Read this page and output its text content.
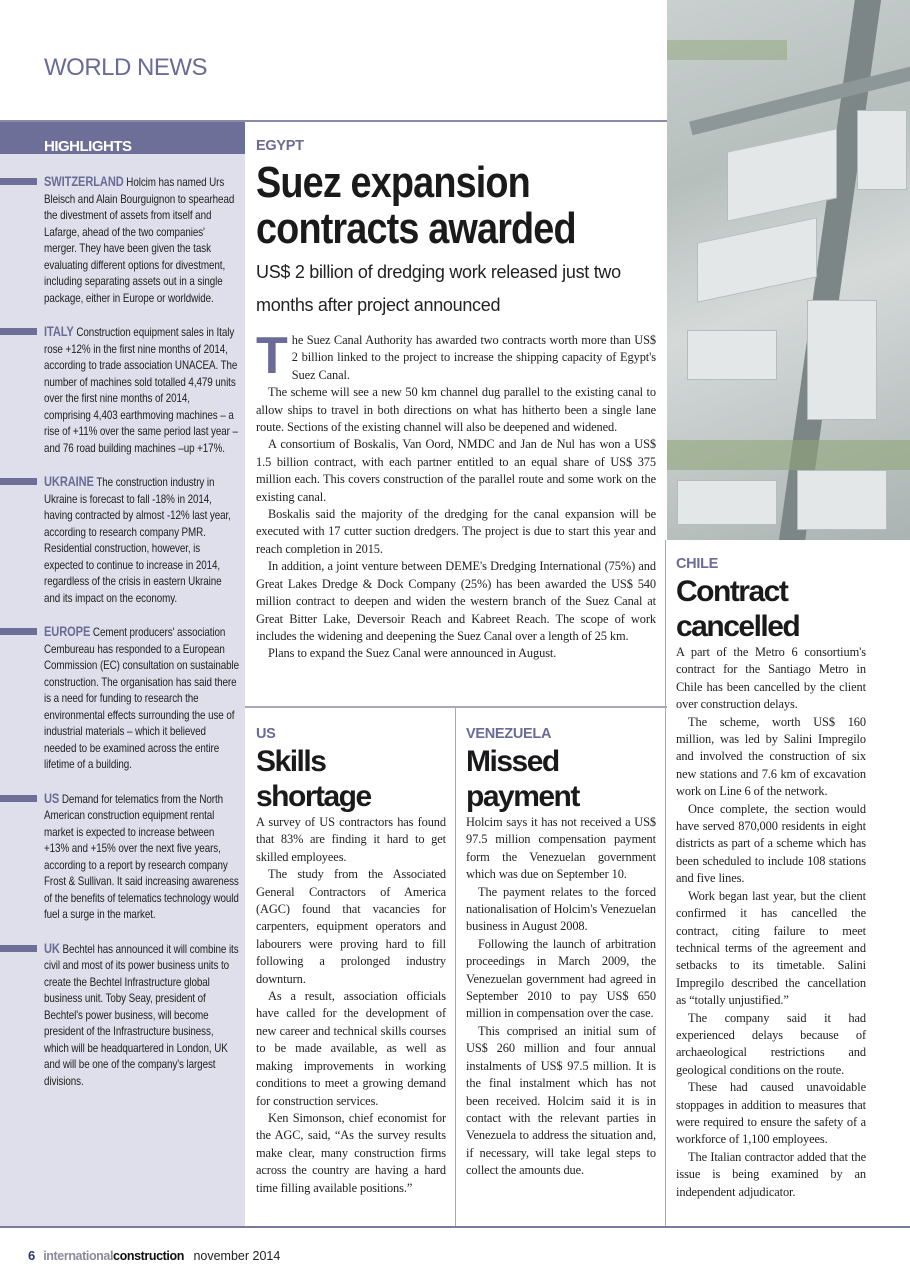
WORLD NEWS
HIGHLIGHTS
SWITZERLAND Holcim has named Urs Bleisch and Alain Bourguignon to spearhead the divestment of assets from itself and Lafarge, ahead of the two companies' merger. They have been given the task evaluating different options for divestment, including separating assets out in a single package, either in Europe or worldwide.
ITALY Construction equipment sales in Italy rose +12% in the first nine months of 2014, according to trade association UNACEA. The number of machines sold totalled 4,479 units over the first nine months of 2014, comprising 4,403 earthmoving machines – a rise of +11% over the same period last year – and 76 road building machines –up +17%.
UKRAINE The construction industry in Ukraine is forecast to fall -18% in 2014, having contracted by almost -12% last year, according to research company PMR. Residential construction, however, is expected to continue to increase in 2014, regardless of the crisis in eastern Ukraine and its impact on the economy.
EUROPE Cement producers' association Cembureau has responded to a European Commission (EC) consultation on sustainable construction. The organisation has said there is a need for funding to research the environmental effects surrounding the use of industrial materials – which it believed needed to be examined across the entire lifetime of a building.
US Demand for telematics from the North American construction equipment rental market is expected to increase between +13% and +15% over the next five years, according to a report by research company Frost & Sullivan. It said increasing awareness of the benefits of telematics technology would fuel a surge in the market.
UK Bechtel has announced it will combine its civil and most of its power business units to create the Bechtel Infrastructure global business unit. Toby Seay, president of Bechtel's power business, will become president of the Infrastructure business, which will be headquartered in London, UK and will be one of the company's largest divisions.
EGYPT
Suez expansion contracts awarded
US$ 2 billion of dredging work released just two months after project announced
T he Suez Canal Authority has awarded two contracts worth more than US$ 2 billion linked to the project to increase the shipping capacity of Egypt's Suez Canal.

The scheme will see a new 50 km channel dug parallel to the existing canal to allow ships to travel in both directions on what has hitherto been a single lane route. Sections of the existing channel will also be deepened and widened.

A consortium of Boskalis, Van Oord, NMDC and Jan de Nul has won a US$ 1.5 billion contract, with each partner entitled to an equal share of US$ 375 million each. This covers construction of the parallel route and some work on the existing canal.

Boskalis said the majority of the dredging for the canal expansion will be executed with 17 cutter suction dredgers. The project is due to start this year and reach completion in 2015.

In addition, a joint venture between DEME's Dredging International (75%) and Great Lakes Dredge & Dock Company (25%) has been awarded the US$ 540 million contract to deepen and widen the western branch of the Suez Canal at Great Bitter Lake, Deversoir Reach and Kabreet Reach. The scope of work includes the widening and deepening the Suez Canal over a length of 25 km.

Plans to expand the Suez Canal were announced in August.

US
Skills shortage

A survey of US contractors has found that 83% are finding it hard to get skilled employees.

The study from the Associated General Contractors of America (AGC) found that vacancies for carpenters, equipment operators and labourers were proving hard to fill following a prolonged industry downturn.

As a result, association officials have called for the development of new career and technical skills courses to be made available, as well as making improvements in working conditions to meet a growing demand for construction services.

Ken Simonson, chief economist for the AGC, said, “As the survey results make clear, many construction firms across the country are having a hard time filling available positions.”

VENEZUELA
Missed payment

Holcim says it has not received a US$ 97.5 million compensation payment form the Venezuelan government which was due on September 10.

The payment relates to the forced nationalisation of Holcim's Venezuelan business in August 2008.

Following the launch of arbitration proceedings in March 2009, the Venezuelan government had agreed in September 2010 to pay US$ 650 million in compensation over the case.

This comprised an initial sum of US$ 260 million and four annual instalments of US$ 97.5 million. It is the final instalment which has not been received. Holcim said it is in contact with the relevant parties in Venezuela to address the situation and, if necessary, will take legal steps to collect the amounts due.

CHILE
Contract cancelled

A part of the Metro 6 consortium's contract for the Santiago Metro in Chile has been cancelled by the client over construction delays.

The scheme, worth US$ 160 million, was led by Salini Impregilo and involved the construction of six new stations and 7.6 km of excavation work on Line 6 of the network.

Once complete, the section would have served 870,000 residents in eight districts as part of a scheme which has been scheduled to include 108 stations and five lines.

Work began last year, but the client confirmed it has cancelled the contract, citing failure to meet technical terms of the agreement and setbacks to its timetable. Salini Impregilo described the cancellation as “totally unjustified.”

The company said it had experienced delays because of archaeological restrictions and geological conditions on the route.

These had caused unavoidable stoppages in addition to measures that were required to ensure the safety of a workforce of 1,100 employees.

The Italian contractor added that the issue is being examined by an independent adjudicator.

6 internationalconstruction november 2014
